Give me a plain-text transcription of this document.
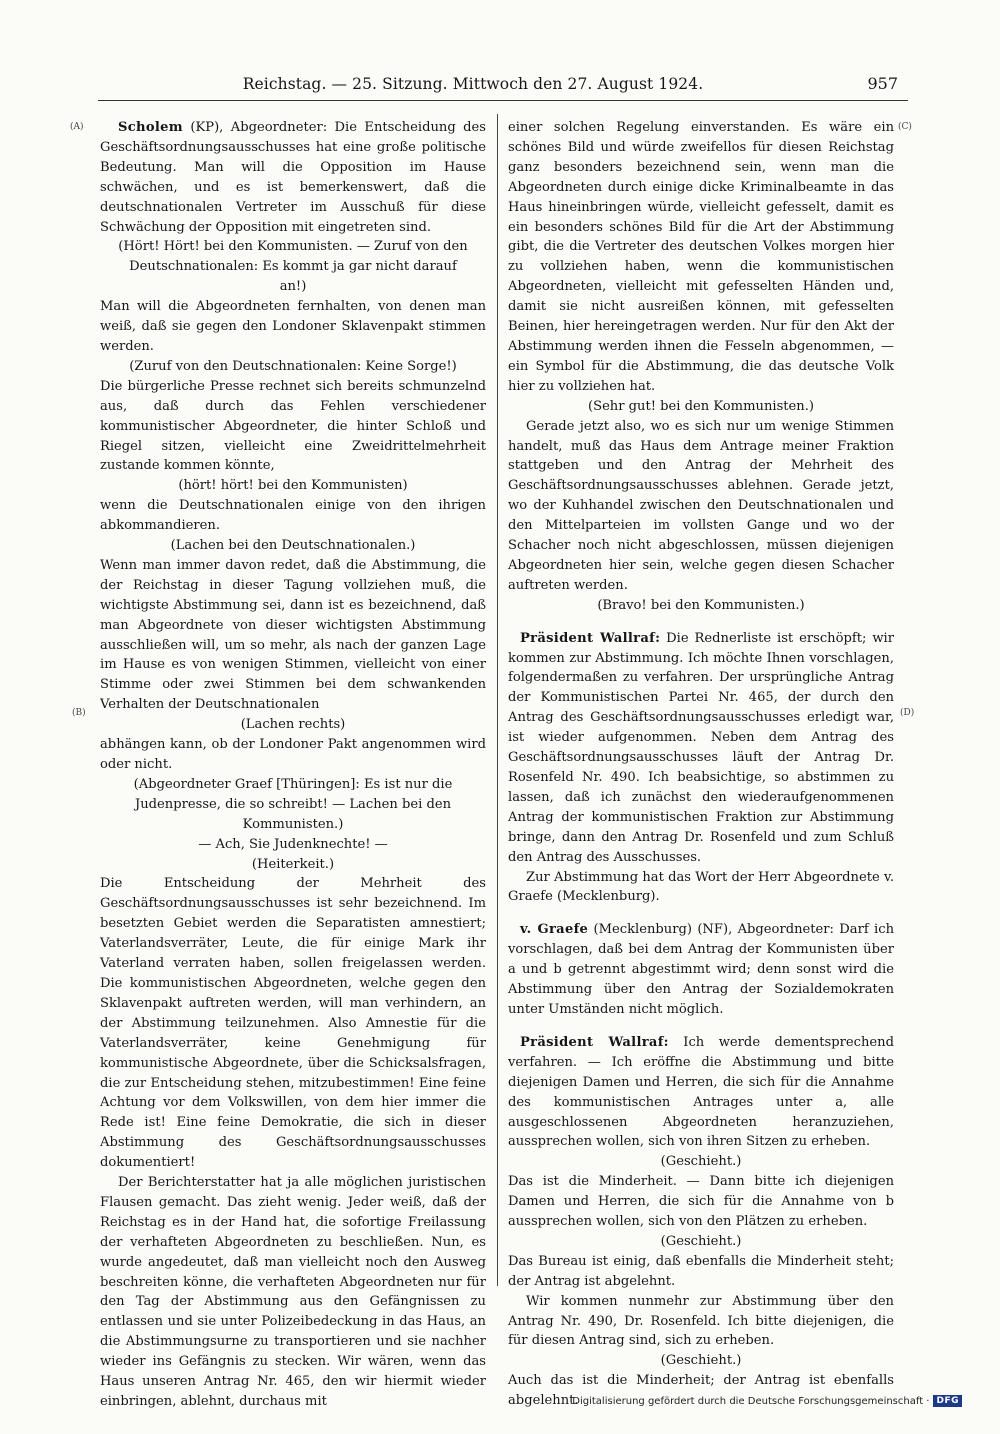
Reichstag. — 25. Sitzung. Mittwoch den 27. August 1924.	957
(A)
(B)
(C)
(D)

Scholem (KP), Abgeordneter: Die Entscheidung des Geschäftsordnungsausschusses hat eine große politische Bedeutung. Man will die Opposition im Hause schwächen, und es ist bemerkenswert, daß die deutschnationalen Vertreter im Ausschuß für diese Schwächung der Opposition mit eingetreten sind.

(Hört! Hört! bei den Kommunisten. — Zuruf von den Deutschnationalen: Es kommt ja gar nicht darauf an!)

Man will die Abgeordneten fernhalten, von denen man weiß, daß sie gegen den Londoner Sklavenpakt stimmen werden.

(Zuruf von den Deutschnationalen: Keine Sorge!)

Die bürgerliche Presse rechnet sich bereits schmunzelnd aus, daß durch das Fehlen verschiedener kommunistischer Abgeordneter, die hinter Schloß und Riegel sitzen, vielleicht eine Zweidrittelmehrheit zustande kommen könnte,

(hört! hört! bei den Kommunisten)

wenn die Deutschnationalen einige von den ihrigen abkommandieren.

(Lachen bei den Deutschnationalen.)

Wenn man immer davon redet, daß die Abstimmung, die der Reichstag in dieser Tagung vollziehen muß, die wichtigste Abstimmung sei, dann ist es bezeichnend, daß man Abgeordnete von dieser wichtigsten Abstimmung ausschließen will, um so mehr, als nach der ganzen Lage im Hause es von wenigen Stimmen, vielleicht von einer Stimme oder zwei Stimmen bei dem schwankenden Verhalten der Deutschnationalen

(Lachen rechts)

abhängen kann, ob der Londoner Pakt angenommen wird oder nicht.

(Abgeordneter Graef [Thüringen]: Es ist nur die Judenpresse, die so schreibt! — Lachen bei den Kommunisten.)

— Ach, Sie Judenknechte! —

(Heiterkeit.)

Die Entscheidung der Mehrheit des Geschäftsordnungsausschusses ist sehr bezeichnend. Im besetzten Gebiet werden die Separatisten amnestiert; Vaterlandsverräter, Leute, die für einige Mark ihr Vaterland verraten haben, sollen freigelassen werden. Die kommunistischen Abgeordneten, welche gegen den Sklavenpakt auftreten werden, will man verhindern, an der Abstimmung teilzunehmen. Also Amnestie für die Vaterlandsverräter, keine Genehmigung für kommunistische Abgeordnete, über die Schicksalsfragen, die zur Entscheidung stehen, mitzubestimmen! Eine feine Achtung vor dem Volkswillen, von dem hier immer die Rede ist! Eine feine Demokratie, die sich in dieser Abstimmung des Geschäftsordnungsausschusses dokumentiert!

Der Berichterstatter hat ja alle möglichen juristischen Flausen gemacht. Das zieht wenig. Jeder weiß, daß der Reichstag es in der Hand hat, die sofortige Freilassung der verhafteten Abgeordneten zu beschließen. Nun, es wurde angedeutet, daß man vielleicht noch den Ausweg beschreiten könne, die verhafteten Abgeordneten nur für den Tag der Abstimmung aus den Gefängnissen zu entlassen und sie unter Polizeibedeckung in das Haus, an die Abstimmungsurne zu transportieren und sie nachher wieder ins Gefängnis zu stecken. Wir wären, wenn das Haus unseren Antrag Nr. 465, den wir hiermit wieder einbringen, ablehnt, durchaus mit

einer solchen Regelung einverstanden. Es wäre ein schönes Bild und würde zweifellos für diesen Reichstag ganz besonders bezeichnend sein, wenn man die Abgeordneten durch einige dicke Kriminalbeamte in das Haus hineinbringen würde, vielleicht gefesselt, damit es ein besonders schönes Bild für die Art der Abstimmung gibt, die die Vertreter des deutschen Volkes morgen hier zu vollziehen haben, wenn die kommunistischen Abgeordneten, vielleicht mit gefesselten Händen und, damit sie nicht ausreißen können, mit gefesselten Beinen, hier hereingetragen werden. Nur für den Akt der Abstimmung werden ihnen die Fesseln abgenommen, — ein Symbol für die Abstimmung, die das deutsche Volk hier zu vollziehen hat.

(Sehr gut! bei den Kommunisten.)

Gerade jetzt also, wo es sich nur um wenige Stimmen handelt, muß das Haus dem Antrage meiner Fraktion stattgeben und den Antrag der Mehrheit des Geschäftsordnungsausschusses ablehnen. Gerade jetzt, wo der Kuhhandel zwischen den Deutschnationalen und den Mittelparteien im vollsten Gange und wo der Schacher noch nicht abgeschlossen, müssen diejenigen Abgeordneten hier sein, welche gegen diesen Schacher auftreten werden.

(Bravo! bei den Kommunisten.)

Präsident Wallraf: Die Rednerliste ist erschöpft; wir kommen zur Abstimmung. Ich möchte Ihnen vorschlagen, folgendermaßen zu verfahren. Der ursprüngliche Antrag der Kommunistischen Partei Nr. 465, der durch den Antrag des Geschäftsordnungsausschusses erledigt war, ist wieder aufgenommen. Neben dem Antrag des Geschäftsordnungsausschusses läuft der Antrag Dr. Rosenfeld Nr. 490. Ich beabsichtige, so abstimmen zu lassen, daß ich zunächst den wiederaufgenommenen Antrag der kommunistischen Fraktion zur Abstimmung bringe, dann den Antrag Dr. Rosenfeld und zum Schluß den Antrag des Ausschusses.

Zur Abstimmung hat das Wort der Herr Abgeordnete v. Graefe (Mecklenburg).

v. Graefe (Mecklenburg) (NF), Abgeordneter: Darf ich vorschlagen, daß bei dem Antrag der Kommunisten über a und b getrennt abgestimmt wird; denn sonst wird die Abstimmung über den Antrag der Sozialdemokraten unter Umständen nicht möglich.

Präsident Wallraf: Ich werde dementsprechend verfahren. — Ich eröffne die Abstimmung und bitte diejenigen Damen und Herren, die sich für die Annahme des kommunistischen Antrages unter a, alle ausgeschlossenen Abgeordneten heranzuziehen, aussprechen wollen, sich von ihren Sitzen zu erheben.

(Geschieht.)

Das ist die Minderheit. — Dann bitte ich diejenigen Damen und Herren, die sich für die Annahme von b aussprechen wollen, sich von den Plätzen zu erheben.

(Geschieht.)

Das Bureau ist einig, daß ebenfalls die Minderheit steht; der Antrag ist abgelehnt.

Wir kommen nunmehr zur Abstimmung über den Antrag Nr. 490, Dr. Rosenfeld. Ich bitte diejenigen, die für diesen Antrag sind, sich zu erheben.

(Geschieht.)

Auch das ist die Minderheit; der Antrag ist ebenfalls abgelehnt.

Digitalisierung gefördert durch die Deutsche Forschungsgemeinschaft · DFG
